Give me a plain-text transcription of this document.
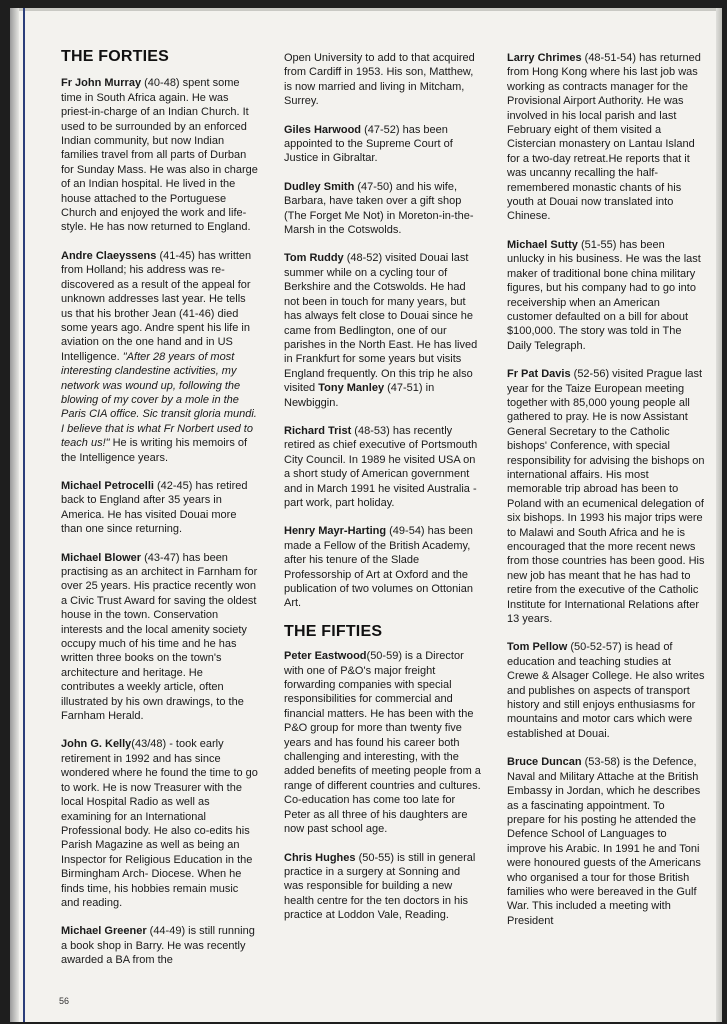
THE FORTIES

Fr John Murray (40-48) spent some time in South Africa again. He was priest-in-charge of an Indian Church. It used to be surrounded by an enforced Indian community, but now Indian families travel from all parts of Durban for Sunday Mass. He was also in charge of an Indian hospital. He lived in the house attached to the Portuguese Church and enjoyed the work and life-style. He has now returned to England.

Andre Claeyssens (41-45) has written from Holland; his address was re-discovered as a result of the appeal for unknown addresses last year. He tells us that his brother Jean (41-46) died some years ago. Andre spent his life in aviation on the one hand and in US Intelligence. "After 28 years of most interesting clandestine activities, my network was wound up, following the blowing of my cover by a mole in the Paris CIA office. Sic transit gloria mundi. I believe that is what Fr Norbert used to teach us!" He is writing his memoirs of the Intelligence years.

Michael Petrocelli (42-45) has retired back to England after 35 years in America. He has visited Douai more than one since returning.

Michael Blower (43-47) has been practising as an architect in Farnham for over 25 years. His practice recently won a Civic Trust Award for saving the oldest house in the town. Conservation interests and the local amenity society occupy much of his time and he has written three books on the town's architecture and heritage. He contributes a weekly article, often illustrated by his own drawings, to the Farnham Herald.

John G. Kelly(43/48) - took early retirement in 1992 and has since wondered where he found the time to go to work. He is now Treasurer with the local Hospital Radio as well as examining for an International Professional body. He also co-edits his Parish Magazine as well as being an Inspector for Religious Education in the Birmingham Arch- Diocese. When he finds time, his hobbies remain music and reading.

Michael Greener (44-49) is still running a book shop in Barry. He was recently awarded a BA from the

Open University to add to that acquired from Cardiff in 1953. His son, Matthew, is now married and living in Mitcham, Surrey.

Giles Harwood (47-52) has been appointed to the Supreme Court of Justice in Gibraltar.

Dudley Smith (47-50) and his wife, Barbara, have taken over a gift shop (The Forget Me Not) in Moreton-in-the-Marsh in the Cotswolds.

Tom Ruddy (48-52) visited Douai last summer while on a cycling tour of Berkshire and the Cotswolds. He had not been in touch for many years, but has always felt close to Douai since he came from Bedlington, one of our parishes in the North East. He has lived in Frankfurt for some years but visits England frequently. On this trip he also visited Tony Manley (47-51) in Newbiggin.

Richard Trist (48-53) has recently retired as chief executive of Portsmouth City Council. In 1989 he visited USA on a short study of American government and in March 1991 he visited Australia - part work, part holiday.

Henry Mayr-Harting (49-54) has been made a Fellow of the British Academy, after his tenure of the Slade Professorship of Art at Oxford and the publication of two volumes on Ottonian Art.

THE FIFTIES

Peter Eastwood(50-59) is a Director with one of P&O's major freight forwarding companies with special responsibilities for commercial and financial matters. He has been with the P&O group for more than twenty five years and has found his career both challenging and interesting, with the added benefits of meeting people from a range of different countries and cultures. Co-education has come too late for Peter as all three of his daughters are now past school age.

Chris Hughes (50-55) is still in general practice in a surgery at Sonning and was responsible for building a new health centre for the ten doctors in his practice at Loddon Vale, Reading.

Larry Chrimes (48-51-54) has returned from Hong Kong where his last job was working as contracts manager for the Provisional Airport Authority. He was involved in his local parish and last February eight of them visited a Cistercian monastery on Lantau Island for a two-day retreat.He reports that it was uncanny recalling the half-remembered monastic chants of his youth at Douai now translated into Chinese.

Michael Sutty (51-55) has been unlucky in his business. He was the last maker of traditional bone china military figures, but his company had to go into receivership when an American customer defaulted on a bill for about $100,000. The story was told in The Daily Telegraph.

Fr Pat Davis (52-56) visited Prague last year for the Taize European meeting together with 85,000 young people all gathered to pray. He is now Assistant General Secretary to the Catholic bishops' Conference, with special responsibility for advising the bishops on international affairs. His most memorable trip abroad has been to Poland with an ecumenical delegation of six bishops. In 1993 his major trips were to Malawi and South Africa and he is encouraged that the more recent news from those countries has been good. His new job has meant that he has had to retire from the executive of the Catholic Institute for International Relations after 13 years.

Tom Pellow (50-52-57) is head of education and teaching studies at Crewe & Alsager College. He also writes and publishes on aspects of transport history and still enjoys enthusiasms for mountains and motor cars which were established at Douai.

Bruce Duncan (53-58) is the Defence, Naval and Military Attache at the British Embassy in Jordan, which he describes as a fascinating appointment. To prepare for his posting he attended the Defence School of Languages to improve his Arabic. In 1991 he and Toni were honoured guests of the Americans who organised a tour for those British families who were bereaved in the Gulf War. This included a meeting with President

56
